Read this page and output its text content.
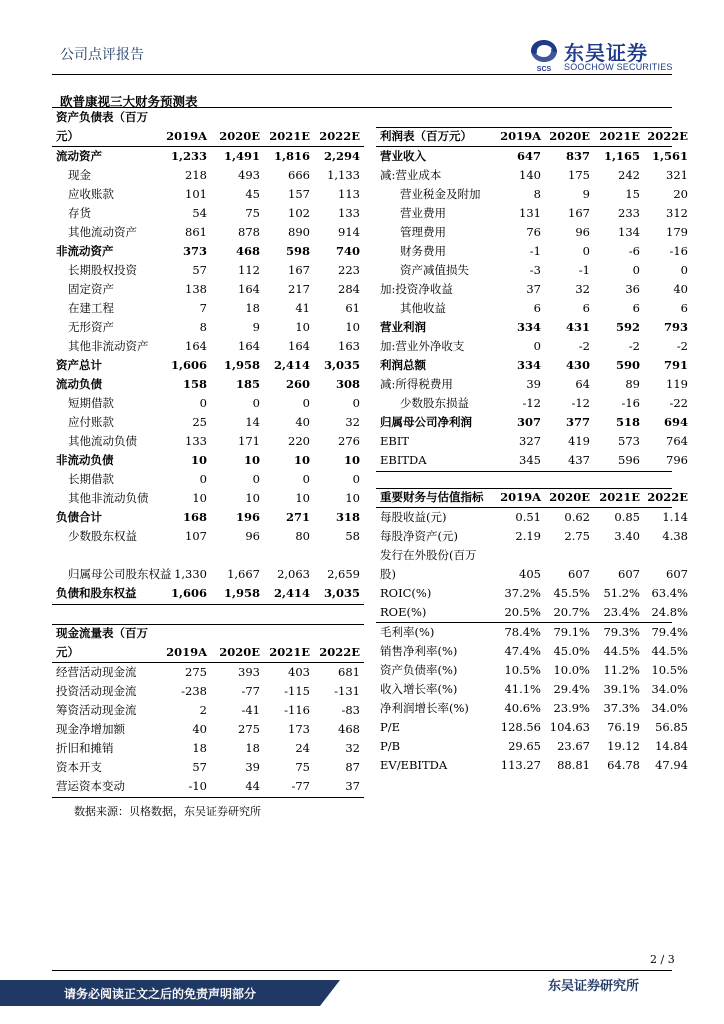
公司点评报告
SCS
东吴证券
SOOCHOW SECURITIES
欧普康视三大财务预测表
资产负债表（百万
元）	2019A 2020E 2021E 2022E
流动资产	1,233 1,491 1,816 2,294
现金	218	493 666 1,133
应收账款	101	45 157 113
存货	54	75 102 133
其他流动资产	861	878 890 914
非流动资产	373	468 598 740
长期股权投资	57	112 167 223
固定资产	138	164 217 284
在建工程	7	18	41	61
无形资产	8	9	10	10
其他非流动资产	164	164 164 163
资产总计	1,606 1,958 2,414 3,035
流动负债	158	185 260 308
短期借款	0	0	0	0
应付账款	25	14	40	32
其他流动负债	133	171 220 276
非流动负债	10	10	10	10
长期借款	0	0	0	0
其他非流动负债	10	10	10	10
负债合计	168	196 271 318
少数股东权益	107	96	80	58
归属母公司股东权益 1,330 1,667 2,063 2,659
负债和股东权益	1,606 1,958 2,414 3,035
利润表（百万元） 2019A 2020E 2021E 2022E
营业收入	647 837 1,165 1,561
减:营业成本	140 175 242 321
营业税金及附加	8	9	15	20
营业费用	131 167 233 312
管理费用	76	96 134 179
财务费用	-1	0	-6	-16
资产减值损失	-3	-1	0	0
加:投资净收益	37	32	36	40
其他收益	6	6	6	6
营业利润	334 431 592 793
加:营业外净收支	0	-2	-2	-2
利润总额	334 430 590 791
减:所得税费用	39	64	89 119
少数股东损益	-12	-12	-16	-22
归属母公司净利润	307 377 518 694
EBIT	327 419 573 764
EBITDA	345 437 596 796
重要财务与估值指标 2019A 2020E 2021E 2022E
每股收益(元)	0.51 0.62 0.85 1.14
每股净资产(元)	2.19 2.75 3.40 4.38
发行在外股份(百万
股)	405 607 607 607
ROIC(%)	37.2% 45.5% 51.2% 63.4%
ROE(%)	20.5% 20.7% 23.4% 24.8%
毛利率(%)	78.4% 79.1% 79.3% 79.4%
销售净利率(%)	47.4% 45.0% 44.5% 44.5%
资产负债率(%)	10.5% 10.0% 11.2% 10.5%
收入增长率(%)	41.1% 29.4% 39.1% 34.0%
净利润增长率(%)	40.6% 23.9% 37.3% 34.0%
P/E	128.56 104.63 76.19 56.85
P/B	29.65 23.67 19.12 14.84
EV/EBITDA	113.27 88.81 64.78 47.94
现金流量表（百万
元）	2019A 2020E 2021E 2022E
经营活动现金流	275	393 403 681
投资活动现金流	-238	-77 -115 -131
筹资活动现金流	2	-41 -116	-83
现金净增加额	40	275 173 468
折旧和摊销	18	18	24	32
资本开支	57	39	75	87
营运资本变动	-10	44	-77	37
数据来源：贝格数据，东吴证券研究所
2 / 3
请务必阅读正文之后的免责声明部分	东吴证券研究所
